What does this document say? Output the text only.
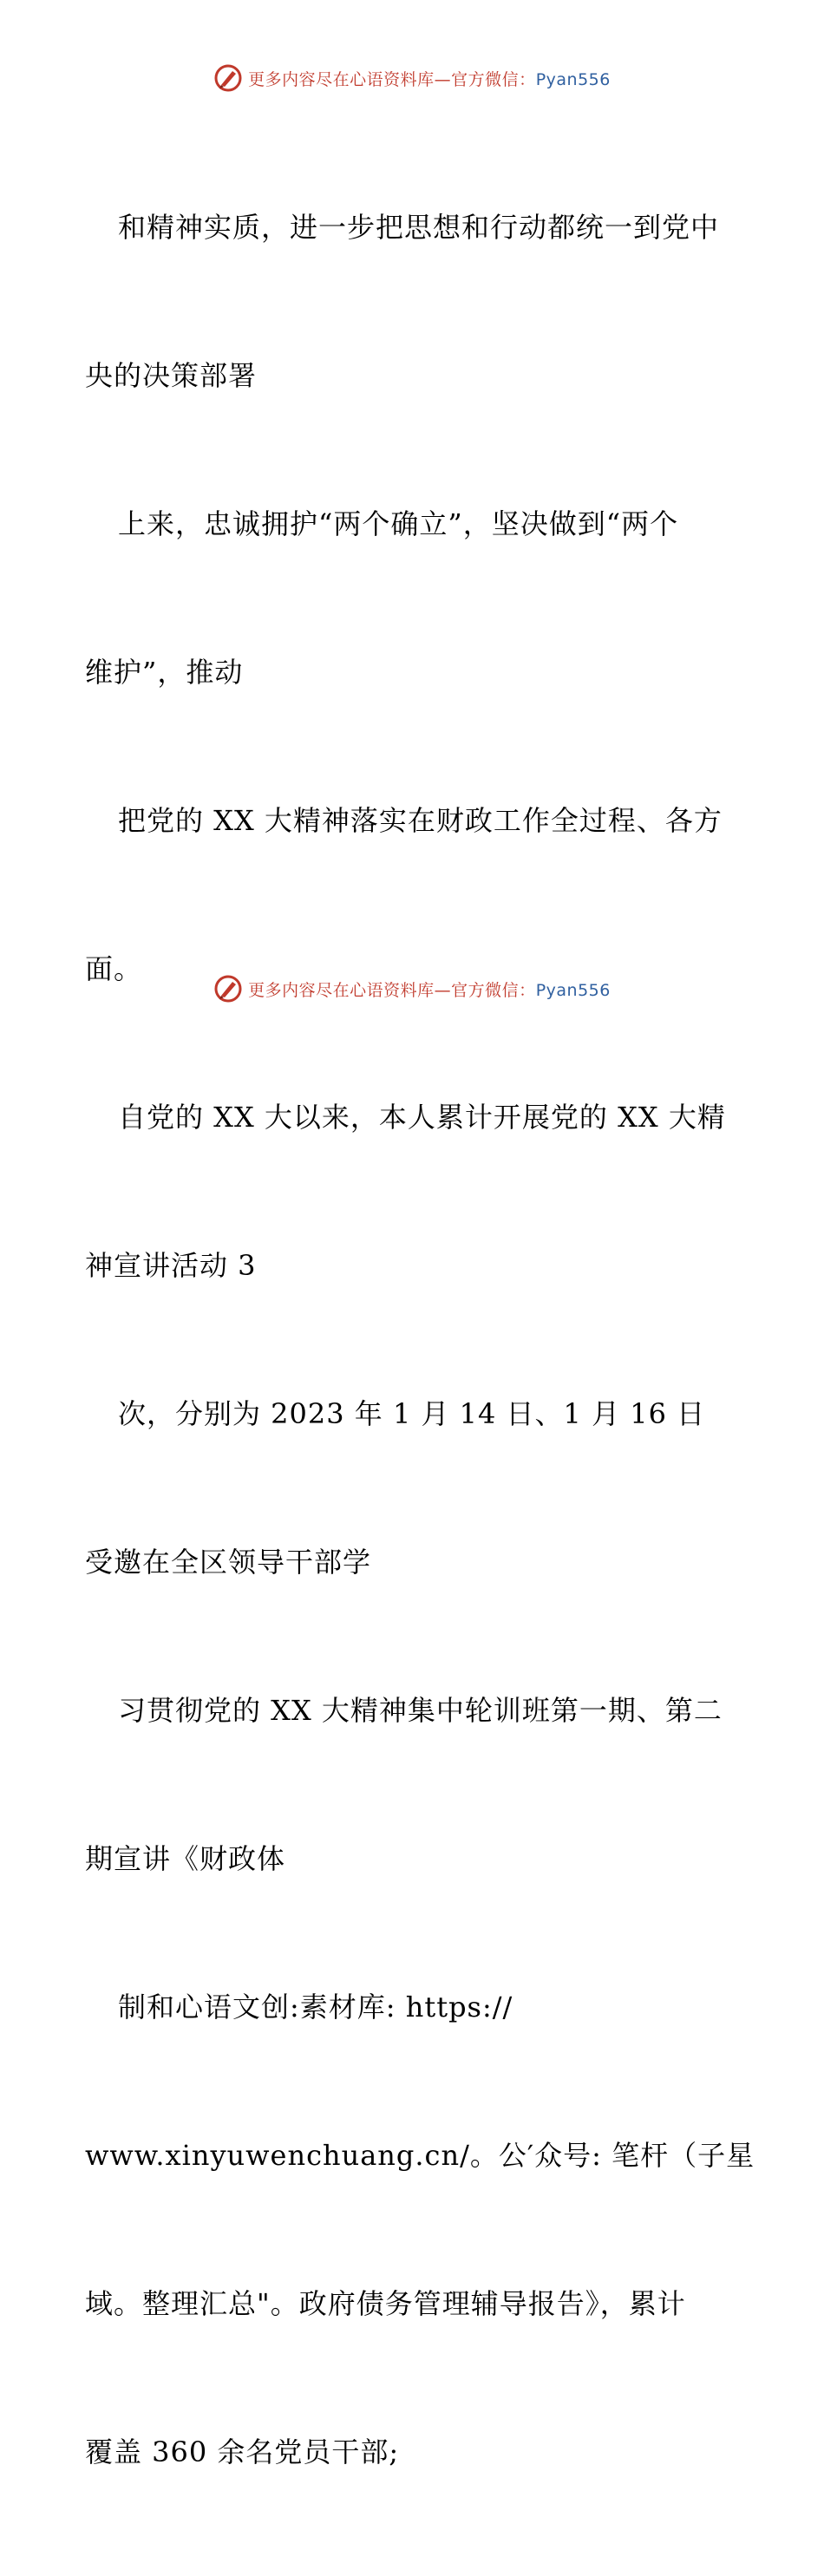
更多内容尽在心语资料库—官方微信：Pyan556

和精神实质，进一步把思想和行动都统一到党中

央的决策部署

上来，忠诚拥护“两个确立”，坚决做到“两个

维护”，推动

把党的 XX 大精神落实在财政工作全过程、各方

面。

自党的 XX 大以来，本人累计开展党的 XX 大精

神宣讲活动 3

次，分别为 2023 年 1 月 14 日、1 月 16 日

受邀在全区领导干部学

习贯彻党的 XX 大精神集中轮训班第一期、第二

期宣讲《财政体

制和心语文创:素材库: https://

www.xinyuwenchuang.cn/。公′众号: 笔杆（子星

域。整理汇总"。政府债务管理辅导报告》，累计

覆盖 360 余名党员干部;

更多内容尽在心语资料库—官方微信：Pyan556
